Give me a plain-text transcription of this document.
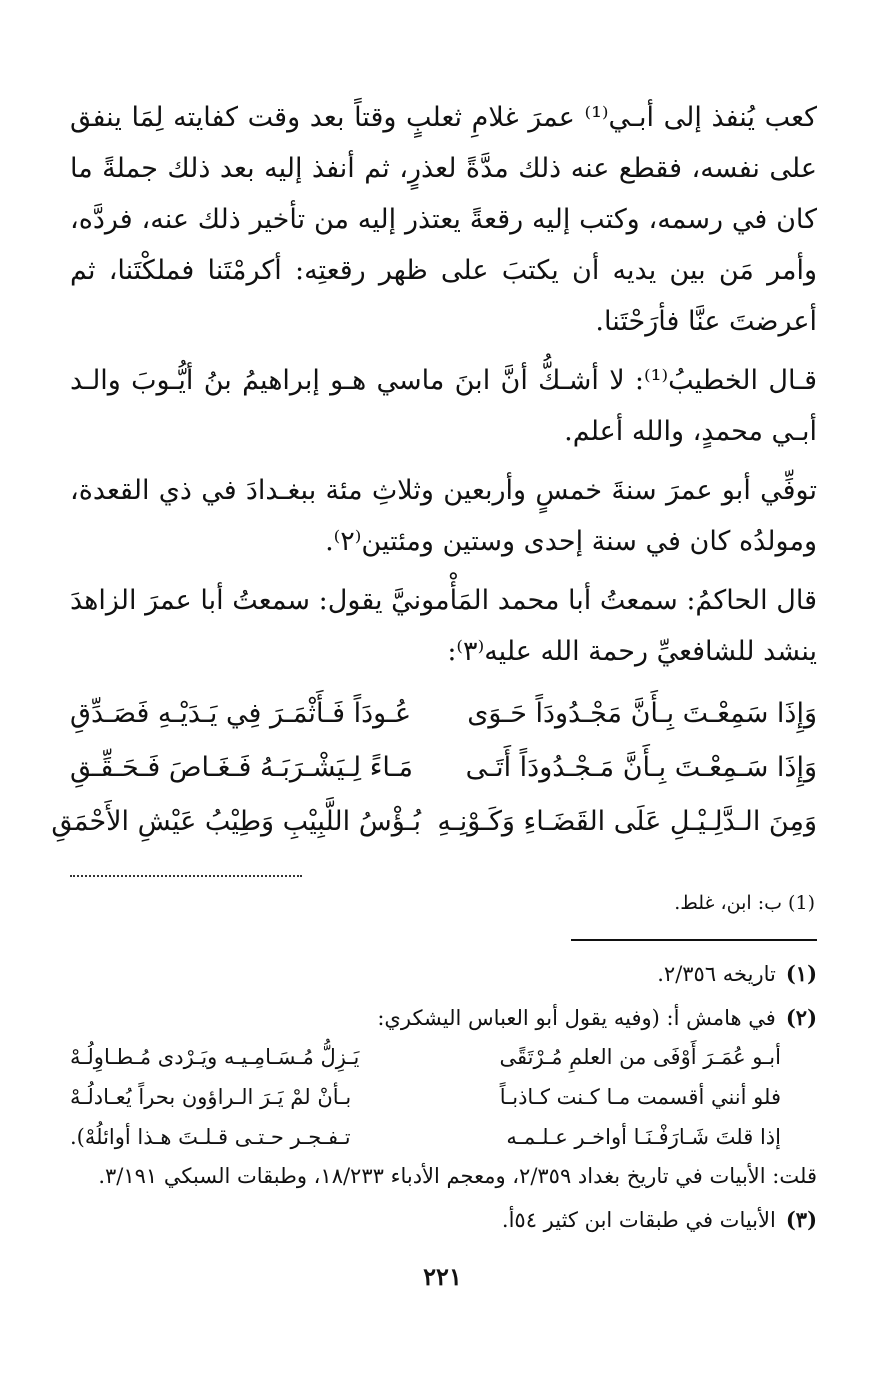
كعب يُنفذ إلى أبـي⁽¹⁾ عمرَ غلامِ ثعلبٍ وقتاً بعد وقت كفايته لِمَا ينفق على نفسه، فقطع عنه ذلك مدَّةً لعذرٍ، ثم أنفذ إليه بعد ذلك جملةً ما كان في رسمه، وكتب إليه رقعةً يعتذر إليه من تأخير ذلك عنه، فردَّه، وأمر مَن بين يديه أن يكتبَ على ظهر رقعتِه: أكرمْتَنا فملكْتَنا، ثم أعرضتَ عنَّا فأرَحْتَنا.

قـال الخطيبُ⁽¹⁾: لا أشـكُّ أنَّ ابنَ ماسي هـو إبراهيمُ بنُ أيُّـوبَ والـد أبـي محمدٍ، والله أعلم.

توفِّي أبو عمرَ سنةَ خمسٍ وأربعين وثلاثِ مئة ببغـدادَ في ذي القعدة، ومولدُه كان في سنة إحدى وستين ومئتين⁽٢⁾.

قال الحاكمُ: سمعتُ أبا محمد المَأْمونيَّ يقول: سمعتُ أبا عمرَ الزاهدَ ينشد للشافعيِّ رحمة الله عليه⁽٣⁾:

وَإِذَا سَمِعْـتَ بِـأَنَّ مَجْـدُودَاً حَـوَى
عُـودَاً فَـأَثْمَـرَ فِي يَـدَيْـهِ فَصَـدِّقِ
وَإِذَا سَـمِعْـتَ بِـأَنَّ مَـجْـدُودَاً أَتَـى
مَـاءً لِـيَشْـرَبَـهُ فَـغَـاصَ فَـحَـقِّـقِ
وَمِنَ الـدَّلِـيْـلِ عَلَى القَضَـاءِ وَكَـوْنِـهِ
بُـؤْسُ اللَّبِيْبِ وَطِيْبُ عَيْشِ الأَحْمَقِ
(1) ب: ابن، غلط.
(١)تاريخه ٢/٣٥٦.
(٢)في هامش أ: (وفيه يقول أبو العباس اليشكري:
أبـو عُمَـرَ أَوْفَى من العلمِ مُـرْتَقًى
يَـزِلُّ مُـسَـامِـيـه ويَـرْدى مُـطـاوِلُـهْ
فلو أنني أقسمت مـا كـنت كـاذبـاً
بـأنْ لمْ يَـرَ الـراؤون بحراً يُعـادلُـهْ
إذا قلتَ شَـارَفْـنَـا أواخـر عـلـمـه
تـفـجـر حـتـى قـلـتَ هـذا أوائلُهْ).
قلت: الأبيات في تاريخ بغداد ٢/٣٥٩، ومعجم الأدباء ١٨/٢٣٣، وطبقات السبكي ٣/١٩١.
(٣)الأبيات في طبقات ابن كثير ٥٤أ.
٢٢١
